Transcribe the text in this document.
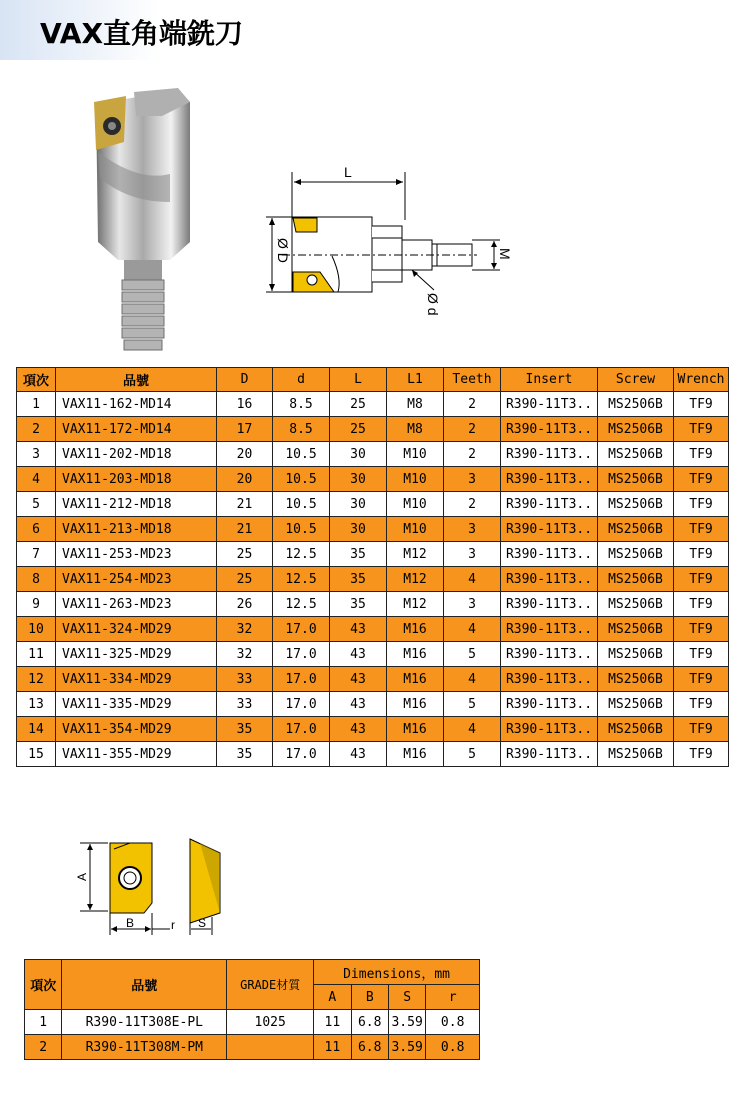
VAX直角端銑刀
L
Ø D	M
Ø d
項次	品號	D	d	L	L1	Teeth	Insert	Screw	Wrench
1	VAX11-162-MD14	16	8.5	25	M8	2	R390-11T3..	MS2506B	TF9
2	VAX11-172-MD14	17	8.5	25	M8	2	R390-11T3..	MS2506B	TF9
3	VAX11-202-MD18	20	10.5	30	M10	2	R390-11T3..	MS2506B	TF9
4	VAX11-203-MD18	20	10.5	30	M10	3	R390-11T3..	MS2506B	TF9
5	VAX11-212-MD18	21	10.5	30	M10	2	R390-11T3..	MS2506B	TF9
6	VAX11-213-MD18	21	10.5	30	M10	3	R390-11T3..	MS2506B	TF9
7	VAX11-253-MD23	25	12.5	35	M12	3	R390-11T3..	MS2506B	TF9
8	VAX11-254-MD23	25	12.5	35	M12	4	R390-11T3..	MS2506B	TF9
9	VAX11-263-MD23	26	12.5	35	M12	3	R390-11T3..	MS2506B	TF9
10	VAX11-324-MD29	32	17.0	43	M16	4	R390-11T3..	MS2506B	TF9
11	VAX11-325-MD29	32	17.0	43	M16	5	R390-11T3..	MS2506B	TF9
12	VAX11-334-MD29	33	17.0	43	M16	4	R390-11T3..	MS2506B	TF9
13	VAX11-335-MD29	33	17.0	43	M16	5	R390-11T3..	MS2506B	TF9
14	VAX11-354-MD29	35	17.0	43	M16	4	R390-11T3..	MS2506B	TF9
15	VAX11-355-MD29	35	17.0	43	M16	5	R390-11T3..	MS2506B	TF9
A
B	r S
項次	品號	GRADE材質	Dimensions，mm			
			A	B	S	r
1	R390-11T308E-PL	1025	11	6.8	3.59	0.8
2	R390-11T308M-PM		11	6.8	3.59	0.8
